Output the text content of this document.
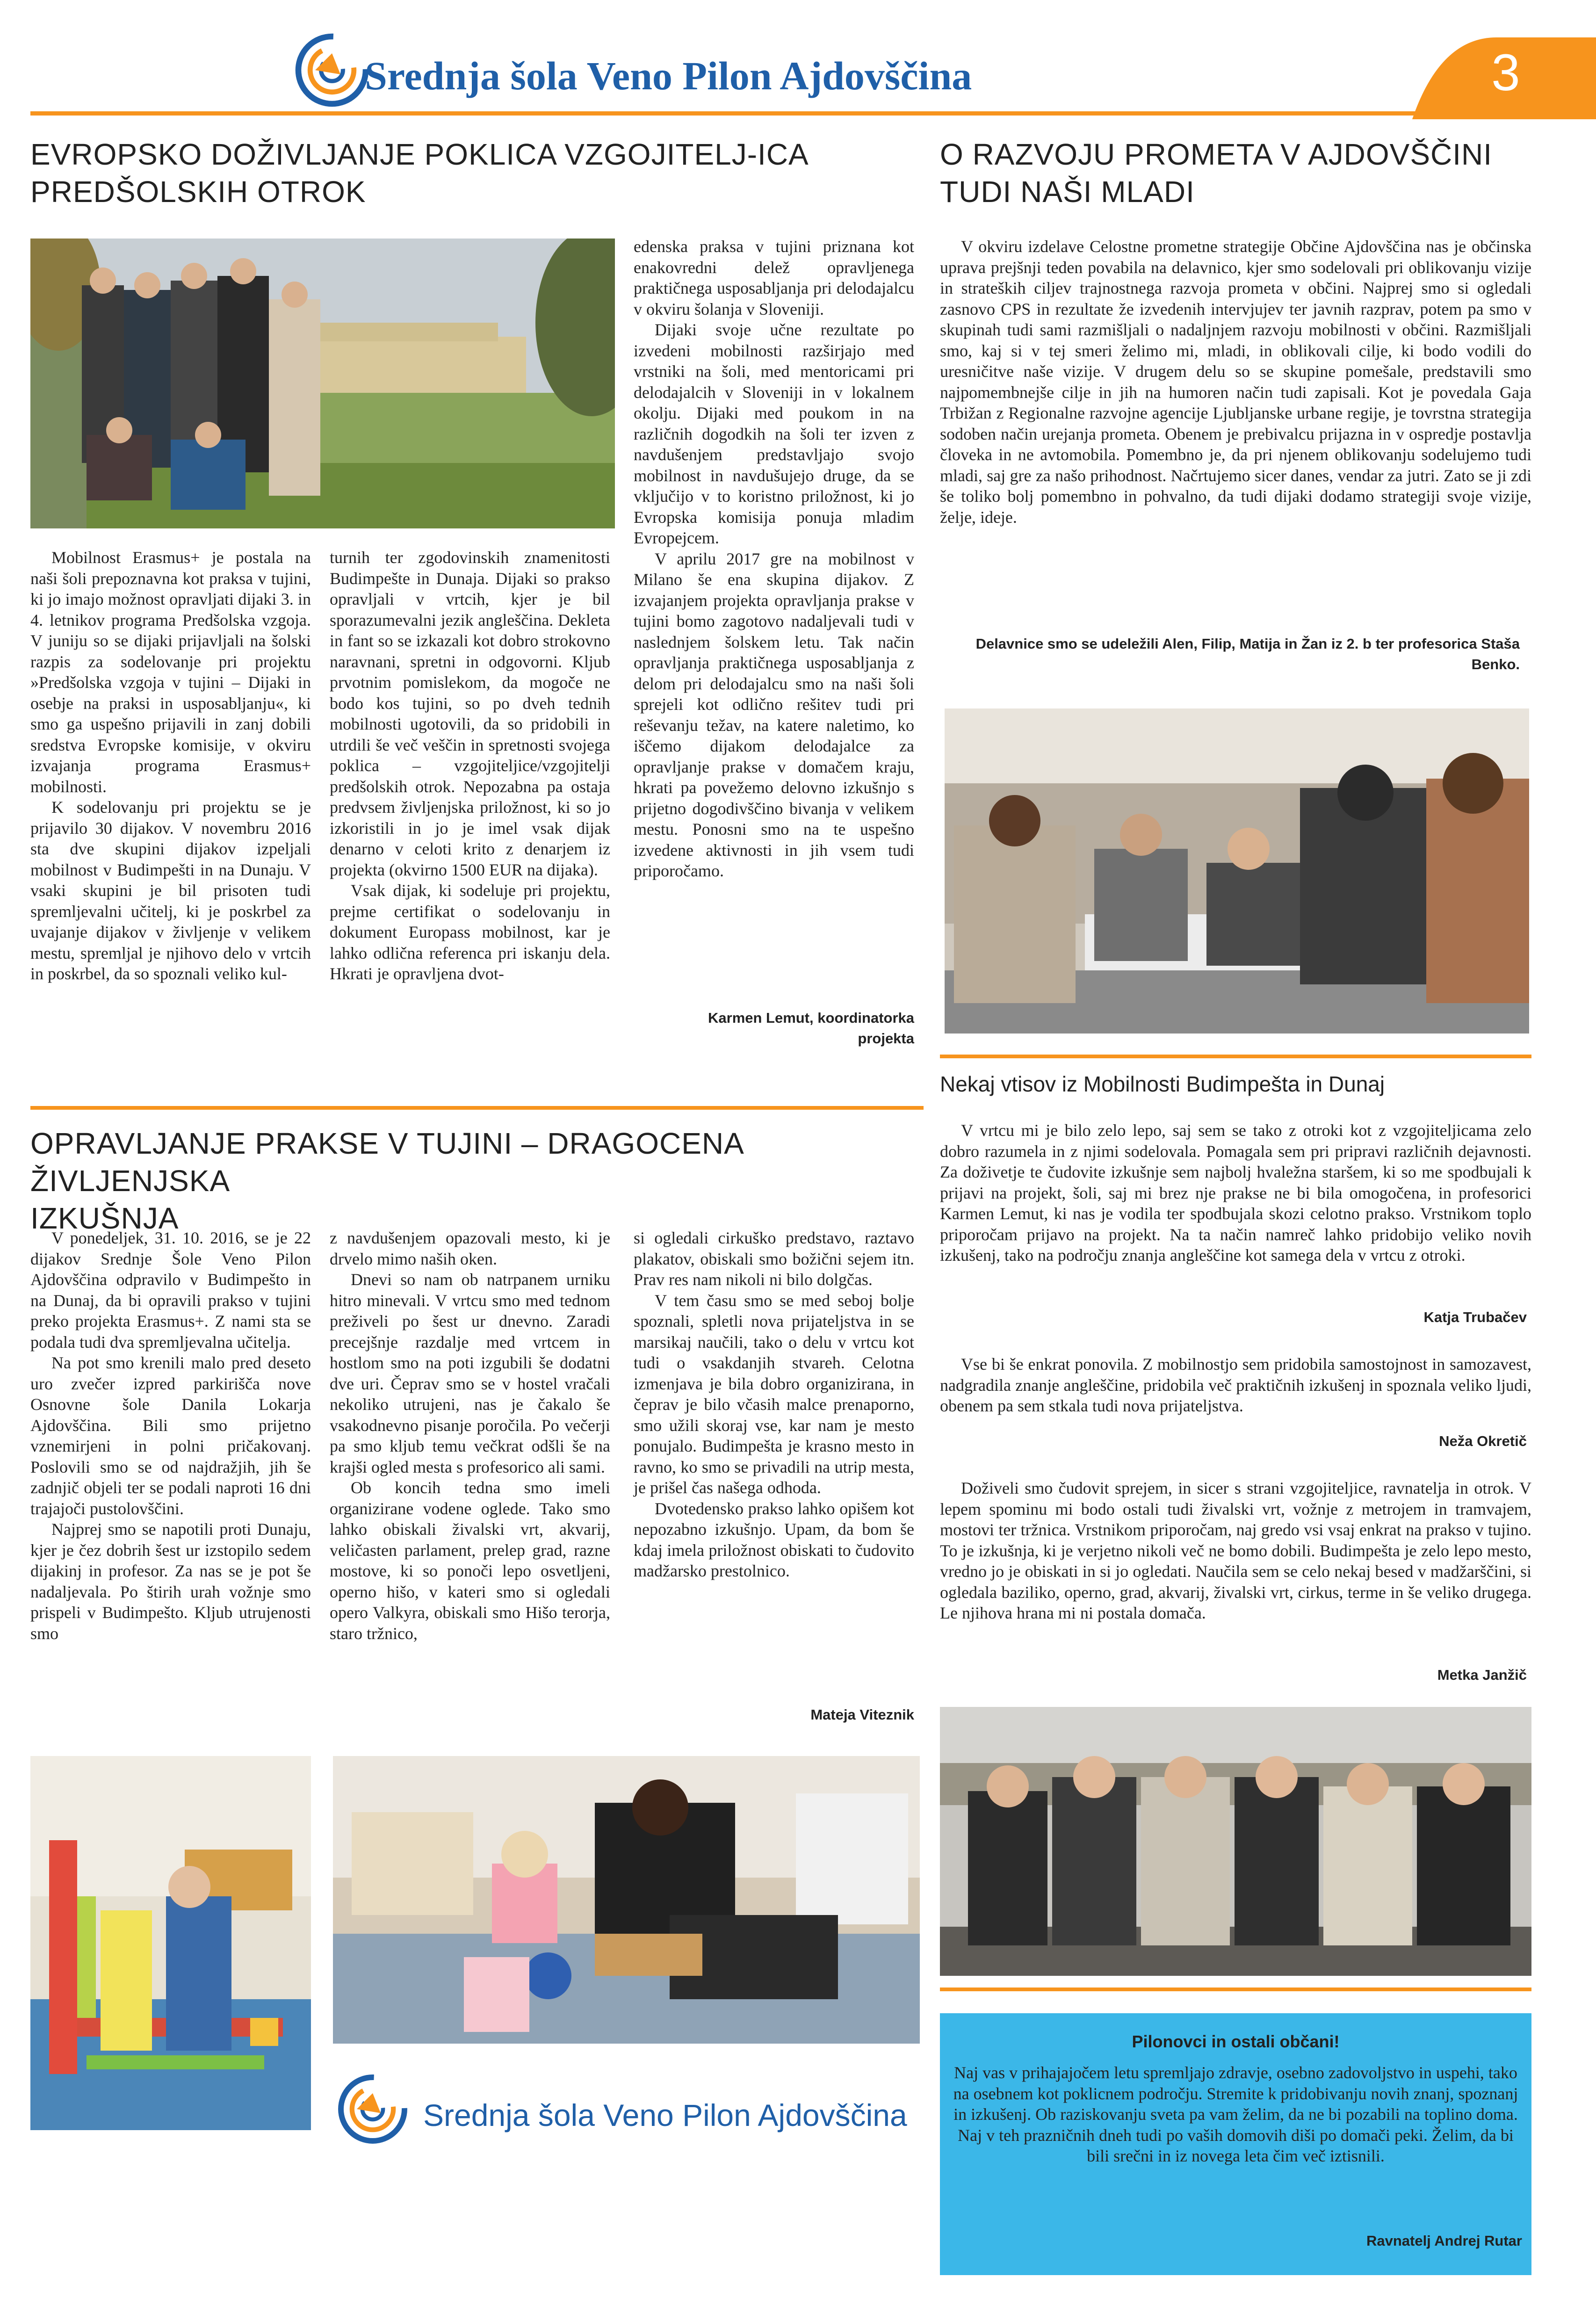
Srednja šola Veno Pilon Ajdovščina	3
EVROPSKO DOŽIVLJANJE POKLICA VZGOJITELJ-ICA
PREDŠOLSKIH OTROK

Mobilnost Erasmus+ je postala na naši šoli prepoznavna kot praksa v tujini, ki jo imajo možnost opravljati dijaki 3. in 4. letnikov programa Predšolska vzgoja. V juniju so se dijaki prijavljali na šolski razpis za sodelovanje pri projektu »Predšolska vzgoja v tujini – Dijaki in osebje na praksi in usposabljanju«, ki smo ga uspešno prijavili in zanj dobili sredstva Evropske komisije, v okviru izvajanja programa Erasmus+ mobilnosti.

K sodelovanju pri projektu se je prijavilo 30 dijakov. V novembru 2016 sta dve skupini dijakov izpeljali mobilnost v Budimpešti in na Dunaju. V vsaki skupini je bil prisoten tudi spremljevalni učitelj, ki je poskrbel za uvajanje dijakov v življenje v velikem mestu, spremljal je njihovo delo v vrtcih in poskrbel, da so spoznali veliko kul-

turnih ter zgodovinskih znamenitosti Budimpešte in Dunaja. Dijaki so prakso opravljali v vrtcih, kjer je bil sporazumevalni jezik angleščina. Dekleta in fant so se izkazali kot dobro strokovno naravnani, spretni in odgovorni. Kljub prvotnim pomislekom, da mogoče ne bodo kos tujini, so po dveh tednih mobilnosti ugotovili, da so pridobili in utrdili še več veščin in spretnosti svojega poklica – vzgojiteljice/vzgojitelji predšolskih otrok. Nepozabna pa ostaja predvsem življenjska priložnost, ki so jo izkoristili in jo je imel vsak dijak denarno v celoti krito z denarjem iz projekta (okvirno 1500 EUR na dijaka).

Vsak dijak, ki sodeluje pri projektu, prejme certifikat o sodelovanju in dokument Europass mobilnost, kar je lahko odlična referenca pri iskanju dela. Hkrati je opravljena dvot-

edenska praksa v tujini priznana kot enakovredni delež opravljenega praktičnega usposabljanja pri delodajalcu v okviru šolanja v Sloveniji.

Dijaki svoje učne rezultate po izvedeni mobilnosti razširjajo med vrstniki na šoli, med mentoricami pri delodajalcih v Sloveniji in v lokalnem okolju. Dijaki med poukom in na različnih dogodkih na šoli ter izven z navdušenjem predstavljajo svojo mobilnost in navdušujejo druge, da se vključijo v to koristno priložnost, ki jo Evropska komisija ponuja mladim Evropejcem.

V aprilu 2017 gre na mobilnost v Milano še ena skupina dijakov. Z izvajanjem projekta opravljanja prakse v tujini bomo zagotovo nadaljevali tudi v naslednjem šolskem letu. Tak način opravljanja praktičnega usposabljanja z delom pri delodajalcu smo na naši šoli sprejeli kot odlično rešitev tudi pri reševanju težav, na katere naletimo, ko iščemo dijakom delodajalce za opravljanje prakse v domačem kraju, hkrati pa povežemo delovno izkušnjo s prijetno dogodivščino bivanja v velikem mestu. Ponosni smo na te uspešno izvedene aktivnosti in jih vsem tudi priporočamo.

Karmen Lemut, koordinatorka
projekta
O RAZVOJU PROMETA V AJDOVŠČINI
TUDI NAŠI MLADI

V okviru izdelave Celostne prometne strategije Občine Ajdovščina nas je občinska uprava prejšnji teden povabila na delavnico, kjer smo sodelovali pri oblikovanju vizije in strateških ciljev trajnostnega razvoja prometa v občini. Najprej smo si ogledali zasnovo CPS in rezultate že izvedenih intervjujev ter javnih razprav, potem pa smo v skupinah tudi sami razmišljali o nadaljnjem razvoju mobilnosti v občini. Razmišljali smo, kaj si v tej smeri želimo mi, mladi, in oblikovali cilje, ki bodo vodili do uresničitve naše vizije. V drugem delu so se skupine pomešale, predstavili smo najpomembnejše cilje in jih na humoren način tudi zapisali. Kot je povedala Gaja Trbižan z Regionalne razvojne agencije Ljubljanske urbane regije, je tovrstna strategija sodoben način urejanja prometa. Obenem je prebivalcu prijazna in v ospredje postavlja človeka in ne avtomobila. Pomembno je, da pri njenem oblikovanju sodelujemo tudi mladi, saj gre za našo prihodnost. Načrtujemo sicer danes, vendar za jutri. Zato se ji zdi še toliko bolj pomembno in pohvalno, da tudi dijaki dodamo strategiji svoje vizije, želje, ideje.

Delavnice smo se udeležili Alen, Filip, Matija in Žan iz 2. b ter profesorica Staša
Benko.
OPRAVLJANJE PRAKSE V TUJINI – DRAGOCENA ŽIVLJENJSKA
IZKUŠNJA

V ponedeljek, 31. 10. 2016, se je 22 dijakov Srednje Šole Veno Pilon Ajdovščina odpravilo v Budimpešto in na Dunaj, da bi opravili prakso v tujini preko projekta Erasmus+. Z nami sta se podala tudi dva spremljevalna učitelja.

Na pot smo krenili malo pred deseto uro zvečer izpred parkirišča nove Osnovne šole Danila Lokarja Ajdovščina. Bili smo prijetno vznemirjeni in polni pričakovanj. Poslovili smo se od najdražjih, jih še zadnjič objeli ter se podali naproti 16 dni trajajoči pustolovščini.

Najprej smo se napotili proti Dunaju, kjer je čez dobrih šest ur izstopilo sedem dijakinj in profesor. Za nas se je pot še nadaljevala. Po štirih urah vožnje smo prispeli v Budimpešto. Kljub utrujenosti smo

z navdušenjem opazovali mesto, ki je drvelo mimo naših oken.

Dnevi so nam ob natrpanem urniku hitro minevali. V vrtcu smo med tednom preživeli po šest ur dnevno. Zaradi precejšnje razdalje med vrtcem in hostlom smo na poti izgubili še dodatni dve uri. Čeprav smo se v hostel vračali nekoliko utrujeni, nas je čakalo še vsakodnevno pisanje poročila. Po večerji pa smo kljub temu večkrat odšli še na krajši ogled mesta s profesorico ali sami.

Ob koncih tedna smo imeli organizirane vodene oglede. Tako smo lahko obiskali živalski vrt, akvarij, veličasten parlament, prelep grad, razne mostove, ki so ponoči lepo osvetljeni, operno hišo, v kateri smo si ogledali opero Valkyra, obiskali smo Hišo terorja, staro tržnico,

si ogledali cirkuško predstavo, raztavo plakatov, obiskali smo božični sejem itn. Prav res nam nikoli ni bilo dolgčas.

V tem času smo se med seboj bolje spoznali, spletli nova prijateljstva in se marsikaj naučili, tako o delu v vrtcu kot tudi o vsakdanjih stvareh. Celotna izmenjava je bila dobro organizirana, in čeprav je bilo včasih malce prenaporno, smo užili skoraj vse, kar nam je mesto ponujalo. Budimpešta je krasno mesto in ravno, ko smo se privadili na utrip mesta, je prišel čas našega odhoda.

Dvotedensko prakso lahko opišem kot nepozabno izkušnjo. Upam, da bom še kdaj imela priložnost obiskati to čudovito madžarsko prestolnico.

Mateja Viteznik
Srednja šola Veno Pilon Ajdovščina
Nekaj vtisov iz Mobilnosti Budimpešta in Dunaj

V vrtcu mi je bilo zelo lepo, saj sem se tako z otroki kot z vzgojiteljicama zelo dobro razumela in z njimi sodelovala. Pomagala sem pri pripravi različnih dejavnosti. Za doživetje te čudovite izkušnje sem najbolj hvaležna staršem, ki so me spodbujali k prijavi na projekt, šoli, saj mi brez nje prakse ne bi bila omogočena, in profesorici Karmen Lemut, ki nas je vodila ter spodbujala skozi celotno prakso. Vrstnikom toplo priporočam prijavo na projekt. Na ta način namreč lahko pridobijo veliko novih izkušenj, tako na področju znanja angleščine kot samega dela v vrtcu z otroki.

Katja Trubačev

Vse bi še enkrat ponovila. Z mobilnostjo sem pridobila samostojnost in samozavest, nadgradila znanje angleščine, pridobila več praktičnih izkušenj in spoznala veliko ljudi, obenem pa sem stkala tudi nova prijateljstva.

Neža Okretič

Doživeli smo čudovit sprejem, in sicer s strani vzgojiteljice, ravnatelja in otrok. V lepem spominu mi bodo ostali tudi živalski vrt, vožnje z metrojem in tramvajem, mostovi ter tržnica. Vrstnikom priporočam, naj gredo vsi vsaj enkrat na prakso v tujino. To je izkušnja, ki je verjetno nikoli več ne bomo dobili. Budimpešta je zelo lepo mesto, vredno jo je obiskati in si jo ogledati. Naučila sem se celo nekaj besed v madžarščini, si ogledala baziliko, operno, grad, akvarij, živalski vrt, cirkus, terme in še veliko drugega. Le njihova hrana mi ni postala domača.

Metka Janžič
Pilonovci in ostali občani!

Naj vas v prihajajočem letu spremljajo zdravje, osebno zadovoljstvo in uspehi, tako na osebnem kot poklicnem področju. Stremite k pridobivanju novih znanj, spoznanj in izkušenj. Ob raziskovanju sveta pa vam želim, da ne bi pozabili na toplino doma. Naj v teh prazničnih dneh tudi po vaših domovih diši po domači peki. Želim, da bi bili srečni in iz novega leta čim več iztisnili.

Ravnatelj Andrej Rutar
